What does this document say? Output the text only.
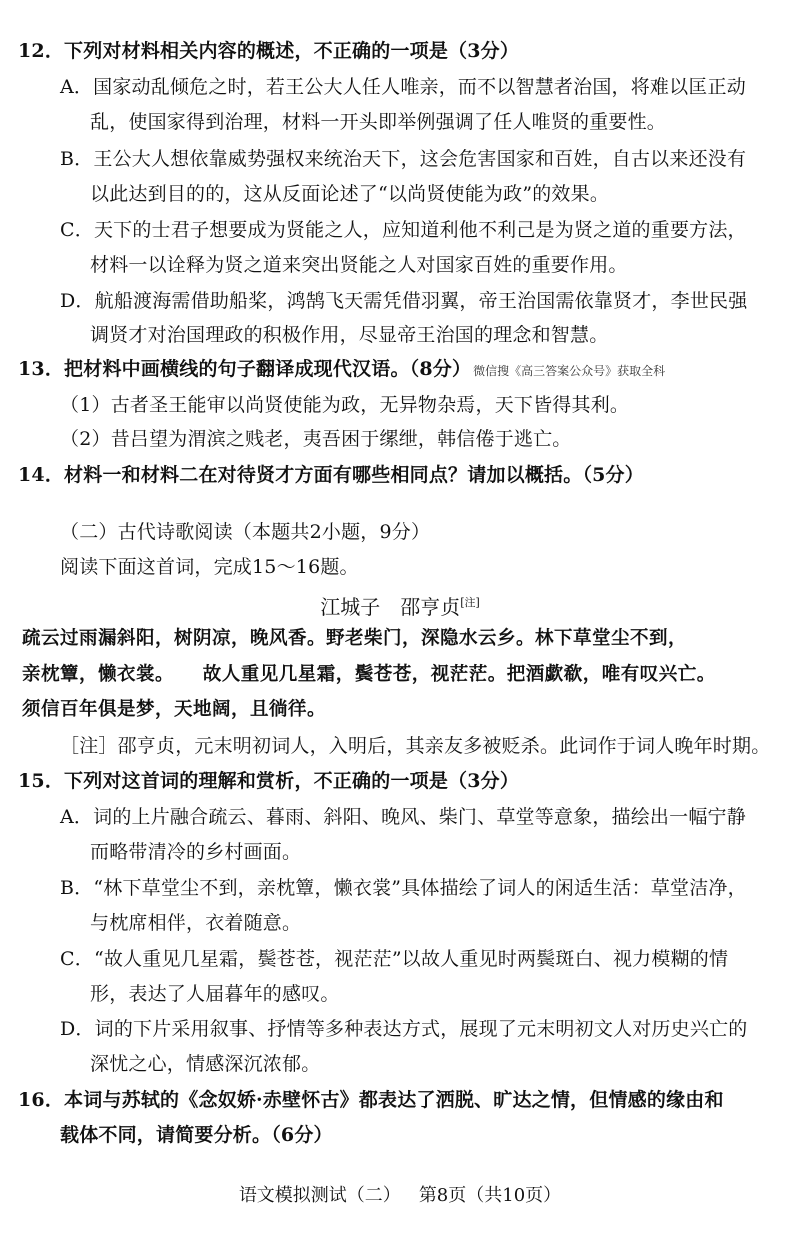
12．下列对材料相关内容的概述，不正确的一项是（3分）
A．国家动乱倾危之时，若王公大人任人唯亲，而不以智慧者治国，将难以匡正动
乱，使国家得到治理，材料一开头即举例强调了任人唯贤的重要性。
B．王公大人想依靠威势强权来统治天下，这会危害国家和百姓，自古以来还没有
以此达到目的的，这从反面论述了“以尚贤使能为政”的效果。
C．天下的士君子想要成为贤能之人，应知道利他不利己是为贤之道的重要方法，
材料一以诠释为贤之道来突出贤能之人对国家百姓的重要作用。
D．航船渡海需借助船桨，鸿鹄飞天需凭借羽翼，帝王治国需依靠贤才，李世民强
调贤才对治国理政的积极作用，尽显帝王治国的理念和智慧。
13．把材料中画横线的句子翻译成现代汉语。（8分） 微信搜《高三答案公众号》获取全科
（1）古者圣王能审以尚贤使能为政，无异物杂焉，天下皆得其利。
（2）昔吕望为渭滨之贱老，夷吾困于缧绁，韩信倦于逃亡。
14．材料一和材料二在对待贤才方面有哪些相同点？请加以概括。（5分）
（二）古代诗歌阅读（本题共2小题，9分）
阅读下面这首词，完成15～16题。
江城子 邵亨贞[注]
疏云过雨漏斜阳，树阴凉，晚风香。野老柴门，深隐水云乡。林下草堂尘不到，
亲枕簟，懒衣裳。　　故人重见几星霜，鬓苍苍，视茫茫。把酒歔欷，唯有叹兴亡。
须信百年俱是梦，天地阔，且徜徉。
［注］邵亨贞，元末明初词人，入明后，其亲友多被贬杀。此词作于词人晚年时期。
15．下列对这首词的理解和赏析，不正确的一项是（3分）
A．词的上片融合疏云、暮雨、斜阳、晚风、柴门、草堂等意象，描绘出一幅宁静
而略带清冷的乡村画面。
B．“林下草堂尘不到，亲枕簟，懒衣裳”具体描绘了词人的闲适生活：草堂洁净，
与枕席相伴，衣着随意。
C．“故人重见几星霜，鬓苍苍，视茫茫”以故人重见时两鬓斑白、视力模糊的情
形，表达了人届暮年的感叹。
D．词的下片采用叙事、抒情等多种表达方式，展现了元末明初文人对历史兴亡的
深忧之心，情感深沉浓郁。
16．本词与苏轼的《念奴娇·赤壁怀古》都表达了洒脱、旷达之情，但情感的缘由和
载体不同，请简要分析。（6分）
语文模拟测试（二） 第8页（共10页）
